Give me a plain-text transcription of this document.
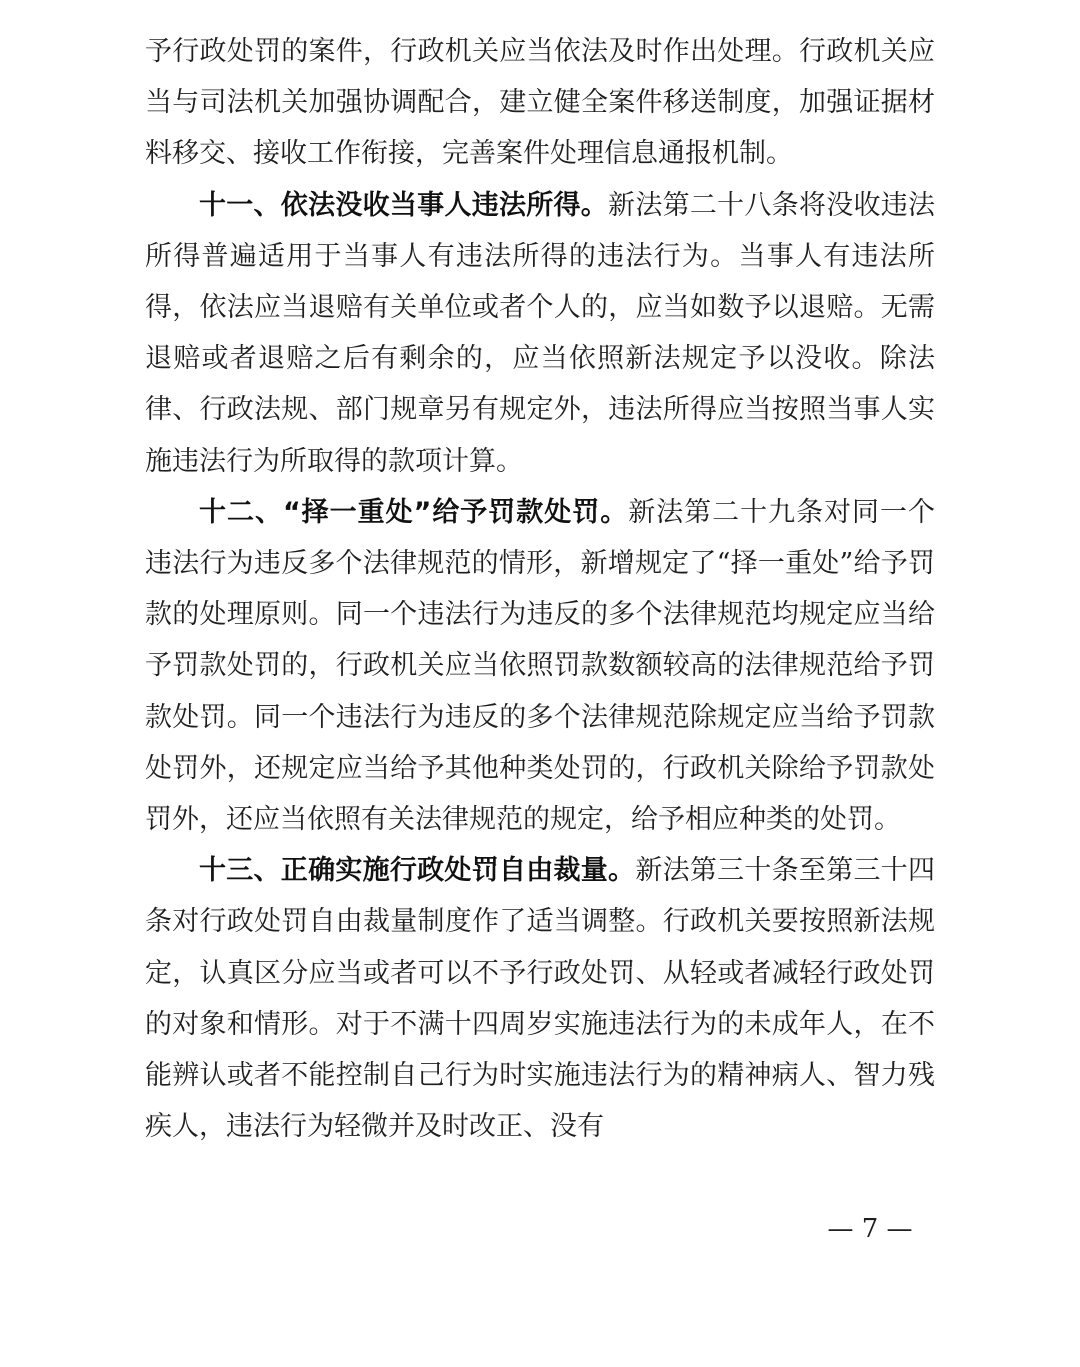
予行政处罚的案件，行政机关应当依法及时作出处理。行政机关应当与司法机关加强协调配合，建立健全案件移送制度，加强证据材料移交、接收工作衔接，完善案件处理信息通报机制。

十一、依法没收当事人违法所得。新法第二十八条将没收违法所得普遍适用于当事人有违法所得的违法行为。当事人有违法所得，依法应当退赔有关单位或者个人的，应当如数予以退赔。无需退赔或者退赔之后有剩余的，应当依照新法规定予以没收。除法律、行政法规、部门规章另有规定外，违法所得应当按照当事人实施违法行为所取得的款项计算。

十二、“择一重处”给予罚款处罚。新法第二十九条对同一个违法行为违反多个法律规范的情形，新增规定了“择一重处”给予罚款的处理原则。同一个违法行为违反的多个法律规范均规定应当给予罚款处罚的，行政机关应当依照罚款数额较高的法律规范给予罚款处罚。同一个违法行为违反的多个法律规范除规定应当给予罚款处罚外，还规定应当给予其他种类处罚的，行政机关除给予罚款处罚外，还应当依照有关法律规范的规定，给予相应种类的处罚。

十三、正确实施行政处罚自由裁量。新法第三十条至第三十四条对行政处罚自由裁量制度作了适当调整。行政机关要按照新法规定，认真区分应当或者可以不予行政处罚、从轻或者减轻行政处罚的对象和情形。对于不满十四周岁实施违法行为的未成年人，在不能辨认或者不能控制自己行为时实施违法行为的精神病人、智力残疾人，违法行为轻微并及时改正、没有

— 7 —
